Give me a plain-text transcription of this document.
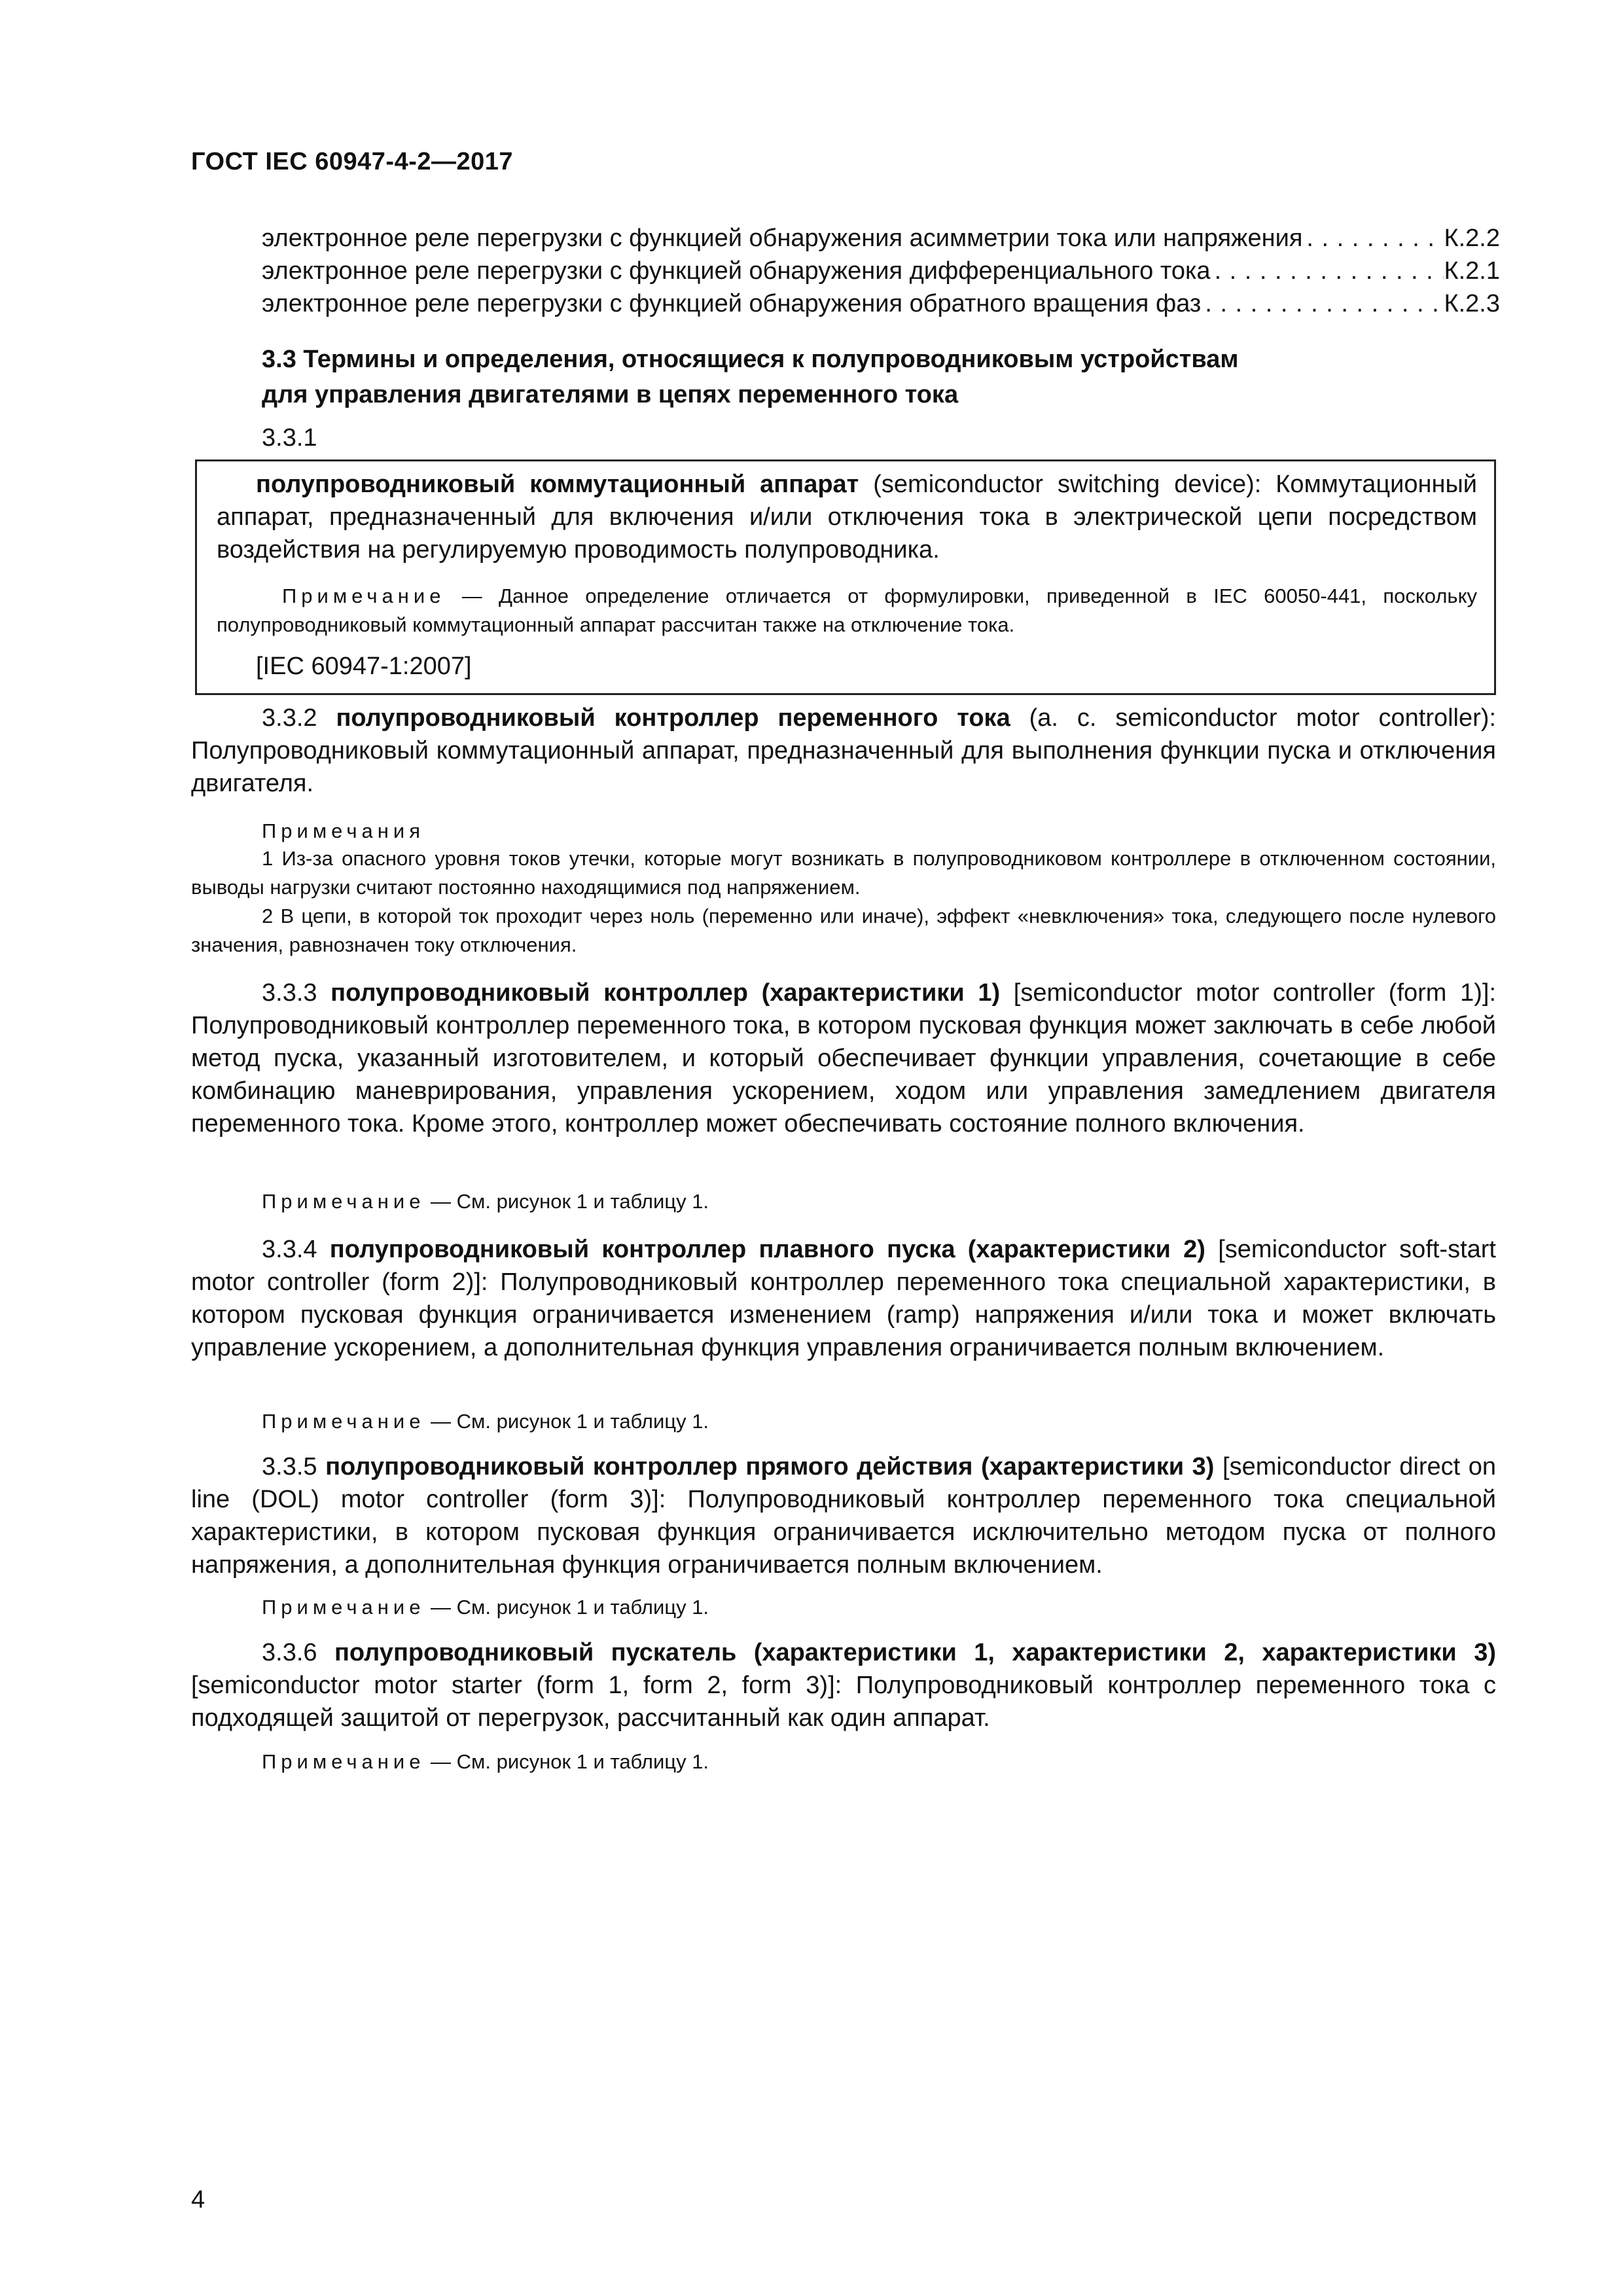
ГОСТ IEC 60947-4-2—2017
электронное реле перегрузки с функцией обнаружения асимметрии тока или напряжения . . .	К.2.2
электронное реле перегрузки с функцией обнаружения дифференциального тока . . .	К.2.1
электронное реле перегрузки с функцией обнаружения обратного вращения фаз . . .	К.2.3
3.3 Термины и определения, относящиеся к полупроводниковым устройствам
для управления двигателями в цепях переменного тока
3.3.1
полупроводниковый коммутационный аппарат (semiconductor switching device): Коммутационный аппарат, предназначенный для включения и/или отключения тока в электрической цепи посредством воздействия на регулируемую проводимость полупроводника.
Примечание — Данное определение отличается от формулировки, приведенной в IEC 60050-441, поскольку полупроводниковый коммутационный аппарат рассчитан также на отключение тока.
[IEC 60947-1:2007]
3.3.2 полупроводниковый контроллер переменного тока (a. c. semiconductor motor controller): Полупроводниковый коммутационный аппарат, предназначенный для выполнения функции пуска и отключения двигателя.
Примечания
1 Из-за опасного уровня токов утечки, которые могут возникать в полупроводниковом контроллере в отключенном состоянии, выводы нагрузки считают постоянно находящимися под напряжением.
2 В цепи, в которой ток проходит через ноль (переменно или иначе), эффект «невключения» тока, следующего после нулевого значения, равнозначен току отключения.
3.3.3 полупроводниковый контроллер (характеристики 1) [semiconductor motor controller (form 1)]: Полупроводниковый контроллер переменного тока, в котором пусковая функция может заключать в себе любой метод пуска, указанный изготовителем, и который обеспечивает функции управления, сочетающие в себе комбинацию маневрирования, управления ускорением, ходом или управления замедлением двигателя переменного тока. Кроме этого, контроллер может обеспечивать состояние полного включения.
Примечание — См. рисунок 1 и таблицу 1.
3.3.4 полупроводниковый контроллер плавного пуска (характеристики 2) [semiconductor soft-start motor controller (form 2)]: Полупроводниковый контроллер переменного тока специальной характеристики, в котором пусковая функция ограничивается изменением (ramp) напряжения и/или тока и может включать управление ускорением, а дополнительная функция управления ограничивается полным включением.
Примечание — См. рисунок 1 и таблицу 1.
3.3.5 полупроводниковый контроллер прямого действия (характеристики 3) [semiconductor direct on line (DOL) motor controller (form 3)]: Полупроводниковый контроллер переменного тока специальной характеристики, в котором пусковая функция ограничивается исключительно методом пуска от полного напряжения, а дополнительная функция ограничивается полным включением.
Примечание — См. рисунок 1 и таблицу 1.
3.3.6 полупроводниковый пускатель (характеристики 1, характеристики 2, характеристики 3) [semiconductor motor starter (form 1, form 2, form 3)]: Полупроводниковый контроллер переменного тока с подходящей защитой от перегрузок, рассчитанный как один аппарат.
Примечание — См. рисунок 1 и таблицу 1.
4
